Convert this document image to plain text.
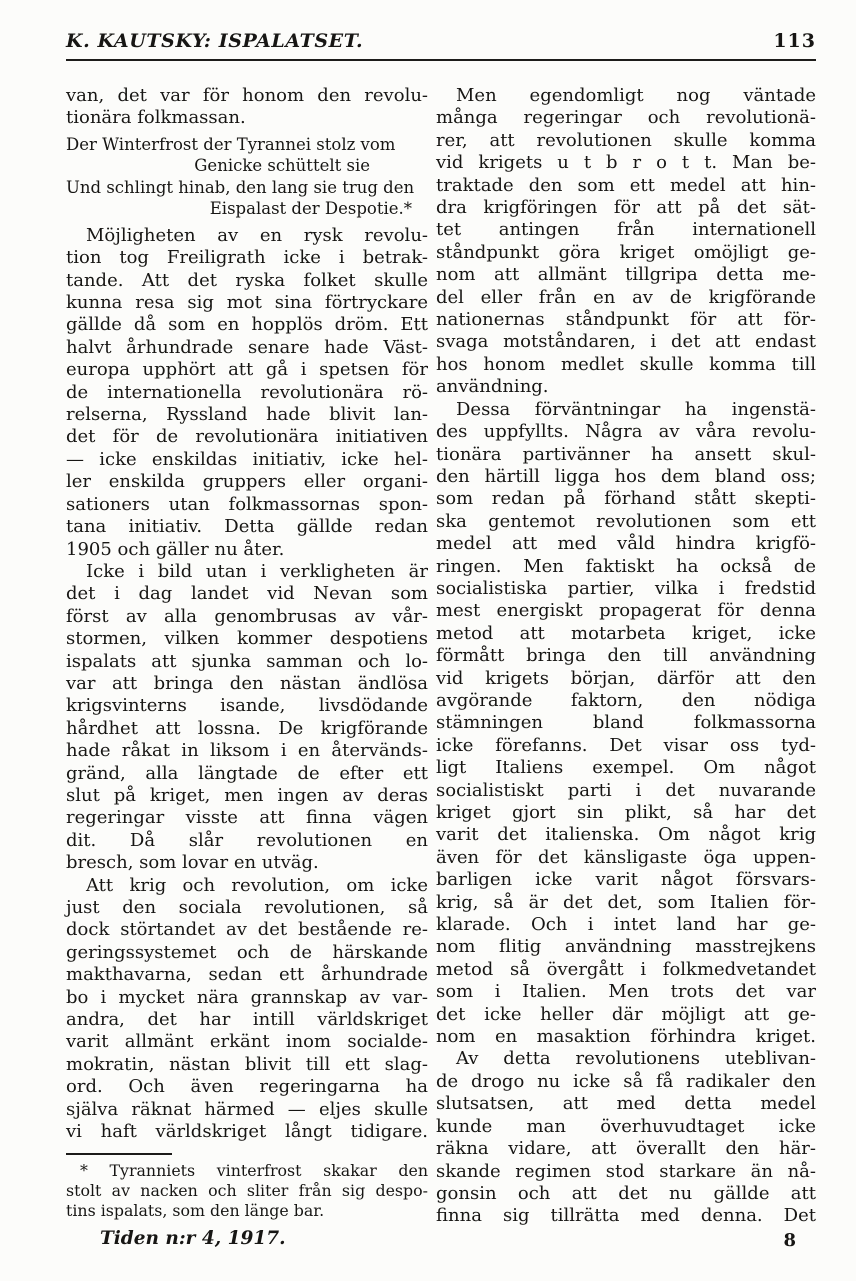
K. KAUTSKY: ISPALATSET.	113
van, det var för honom den revolu-
tionära folkmassan.
Der Winterfrost der Tyrannei stolz vom
Genicke schüttelt sie
Und schlingt hinab, den lang sie trug den
Eispalast der Despotie.*
Möjligheten av en rysk revolu-
tion tog Freiligrath icke i betrak-
tande. Att det ryska folket skulle
kunna resa sig mot sina förtryckare
gällde då som en hopplös dröm. Ett
halvt århundrade senare hade Väst-
europa upphört att gå i spetsen för
de internationella revolutionära rö-
relserna, Ryssland hade blivit lan-
det för de revolutionära initiativen
— icke enskildas initiativ, icke hel-
ler enskilda gruppers eller organi-
sationers utan folkmassornas spon-
tana initiativ. Detta gällde redan
1905 och gäller nu åter.
Icke i bild utan i verkligheten är
det i dag landet vid Nevan som
först av alla genombrusas av vår-
stormen, vilken kommer despotiens
ispalats att sjunka samman och lo-
var att bringa den nästan ändlösa
krigsvinterns isande, livsdödande
hårdhet att lossna. De krigförande
hade råkat in liksom i en återvänds-
gränd, alla längtade de efter ett
slut på kriget, men ingen av deras
regeringar visste att finna vägen
dit. Då slår revolutionen en
bresch, som lovar en utväg.
Att krig och revolution, om icke
just den sociala revolutionen, så
dock störtandet av det bestående re-
geringssystemet och de härskande
makthavarna, sedan ett århundrade
bo i mycket nära grannskap av var-
andra, det har intill världskriget
varit allmänt erkänt inom socialde-
mokratin, nästan blivit till ett slag-
ord. Och även regeringarna ha
själva räknat härmed — eljes skulle
vi haft världskriget långt tidigare.
* Tyranniets vinterfrost skakar den
stolt av nacken och sliter från sig despo-
tins ispalats, som den länge bar.
Tiden n:r 4, 1917.
Men egendomligt nog väntade
många regeringar och revolutionä-
rer, att revolutionen skulle komma
vid krigets u t b r o t t. Man be-
traktade den som ett medel att hin-
dra krigföringen för att på det sät-
tet antingen från internationell
ståndpunkt göra kriget omöjligt ge-
nom att allmänt tillgripa detta me-
del eller från en av de krigförande
nationernas ståndpunkt för att för-
svaga motståndaren, i det att endast
hos honom medlet skulle komma till
användning.
Dessa förväntningar ha ingenstä-
des uppfyllts. Några av våra revolu-
tionära partivänner ha ansett skul-
den härtill ligga hos dem bland oss;
som redan på förhand stått skepti-
ska gentemot revolutionen som ett
medel att med våld hindra krigfö-
ringen. Men faktiskt ha också de
socialistiska partier, vilka i fredstid
mest energiskt propagerat för denna
metod att motarbeta kriget, icke
förmått bringa den till användning
vid krigets början, därför att den
avgörande faktorn, den nödiga
stämningen bland folkmassorna
icke förefanns. Det visar oss tyd-
ligt Italiens exempel. Om något
socialistiskt parti i det nuvarande
kriget gjort sin plikt, så har det
varit det italienska. Om något krig
även för det känsligaste öga uppen-
barligen icke varit något försvars-
krig, så är det det, som Italien för-
klarade. Och i intet land har ge-
nom flitig användning masstrejkens
metod så övergått i folkmedvetandet
som i Italien. Men trots det var
det icke heller där möjligt att ge-
nom en masaktion förhindra kriget.
Av detta revolutionens uteblivan-
de drogo nu icke så få radikaler den
slutsatsen, att med detta medel
kunde man överhuvudtaget icke
räkna vidare, att överallt den här-
skande regimen stod starkare än nå-
gonsin och att det nu gällde att
finna sig tillrätta med denna. Det
8
